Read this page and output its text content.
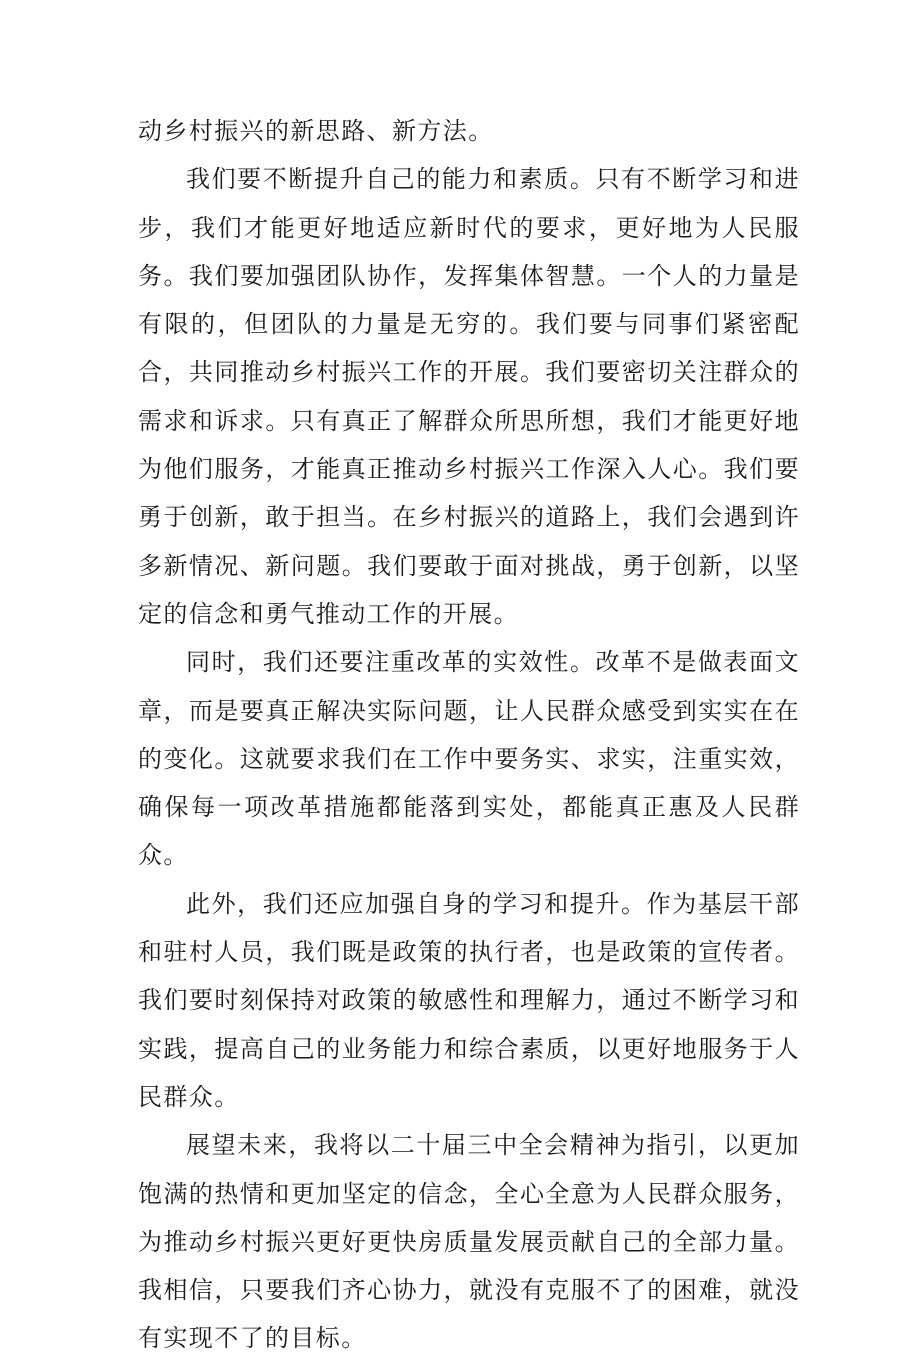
动乡村振兴的新思路、新方法。

我们要不断提升自己的能力和素质。只有不断学习和进步，我们才能更好地适应新时代的要求，更好地为人民服务。我们要加强团队协作，发挥集体智慧。一个人的力量是有限的，但团队的力量是无穷的。我们要与同事们紧密配合，共同推动乡村振兴工作的开展。我们要密切关注群众的需求和诉求。只有真正了解群众所思所想，我们才能更好地为他们服务，才能真正推动乡村振兴工作深入人心。我们要勇于创新，敢于担当。在乡村振兴的道路上，我们会遇到许多新情况、新问题。我们要敢于面对挑战，勇于创新，以坚定的信念和勇气推动工作的开展。

同时，我们还要注重改革的实效性。改革不是做表面文章，而是要真正解决实际问题，让人民群众感受到实实在在的变化。这就要求我们在工作中要务实、求实，注重实效，确保每一项改革措施都能落到实处，都能真正惠及人民群众。

此外，我们还应加强自身的学习和提升。作为基层干部和驻村人员，我们既是政策的执行者，也是政策的宣传者。我们要时刻保持对政策的敏感性和理解力，通过不断学习和实践，提高自己的业务能力和综合素质，以更好地服务于人民群众。

展望未来，我将以二十届三中全会精神为指引，以更加饱满的热情和更加坚定的信念，全心全意为人民群众服务，为推动乡村振兴更好更快房质量发展贡献自己的全部力量。我相信，只要我们齐心协力，就没有克服不了的困难，就没有实现不了的目标。
